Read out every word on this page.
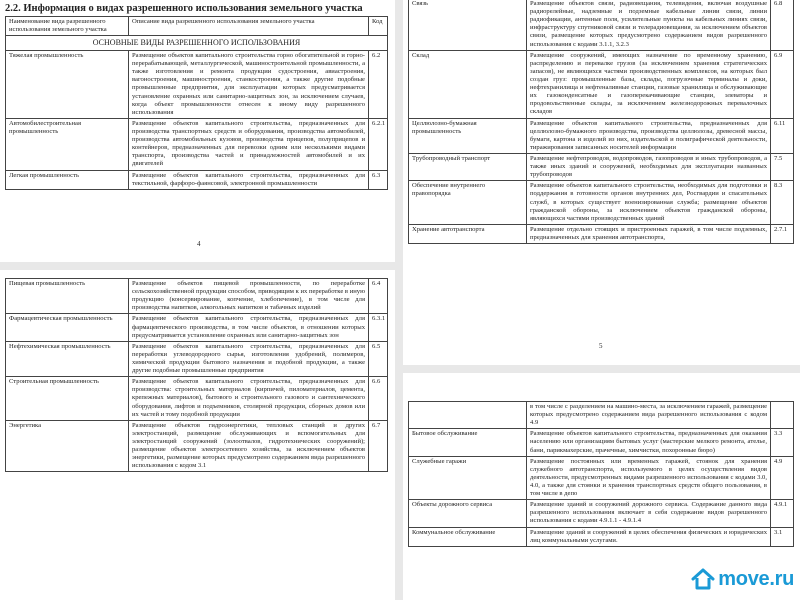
2.2. Информация о видах разрешенного использования земельного участка
Наименование вида разрешенного использования земельного участка	Описание вида разрешенного использования земельного участка	Код
ОСНОВНЫЕ ВИДЫ РАЗРЕШЕННОГО ИСПОЛЬЗОВАНИЯ		
Тяжелая промышленность	Размещение объектов капитального строительства горно обогатительной и горно-перерабатывающей, металлургической, машиностроительной промышленности, а также изготовления и ремонта продукции судостроения, авиастроения, вагоностроения, машиностроения, станкостроения, а также другие подобные промышленные предприятия, для эксплуатации которых предусматривается установление охранных или санитарно-защитных зон, за исключением случаев, когда объект промышленности отнесен к иному виду разрешенного использования	6.2
Автомобилестроительная промышленность	Размещение объектов капитального строительства, предназначенных для производства транспортных средств и оборудования, производства автомобилей, производства автомобильных кузовов, производства прицепов, полуприцепов и контейнеров, предназначенных для перевозки одним или несколькими видами транспорта, производства частей и принадлежностей автомобилей и их двигателей	6.2.1
Легкая промышленность	Размещение объектов капитального строительства, предназначенных для текстильной, фарфоро-фаянсовой, электронной промышленности	6.3
4
Пищевая промышленность	Размещение объектов пищевой промышленности, по переработке сельскохозяйственной продукции способом, приводящим к их переработке в иную продукцию (консервирование, копчение, хлебопечение), в том числе для производства напитков, алкогольных напитков и табачных изделий	6.4
Фармацевтическая промышленность	Размещение объектов капитального строительства, предназначенных для фармацевтического производства, в том числе объектов, в отношении которых предусматривается установление охранных или санитарно-защитных зон	6.3.1
Нефтехимическая промышленность	Размещение объектов капитального строительства, предназначенных для переработки углеводородного сырья, изготовления удобрений, полимеров, химической продукции бытового назначения и подобной продукции, а также другие подобные промышленные предприятия	6.5
Строительная промышленность	Размещение объектов капитального строительства, предназначенных для производства: строительных материалов (кирпичей, пиломатериалов, цемента, крепежных материалов), бытового и строительного газового и сантехнического оборудования, лифтов и подъемников, столярной продукции, сборных домов или их частей и тому подобной продукции	6.6
Энергетика	Размещение объектов гидроэнергетики, тепловых станций и других электростанций, размещение обслуживающих и вспомогательных для электростанций сооружений (золоотвалов, гидротехнических сооружений); размещение объектов электросетевого хозяйства, за исключением объектов энергетики, размещение которых предусмотрено содержанием вида разрешенного использования с кодом 3.1	6.7
Связь	Размещение объектов связи, радиовещания, телевидения, включая воздушные радиорелейные, надземные и подземные кабельные линии связи, линии радиофикации, антенные поля, усилительные пункты на кабельных линиях связи, инфраструктуру спутниковой связи и телерадиовещания, за исключением объектов связи, размещение которых предусмотрено содержанием видов разрешенного использования с кодами 3.1.1, 3.2.3	6.8
Склад	Размещение сооружений, имеющих назначение по временному хранению, распределению и перевалке грузов (за исключением хранения стратегических запасов), не являющихся частями производственных комплексов, на которых был создан груз: промышленные базы, склады, погрузочные терминалы и доки, нефтехранилища и нефтеналивные станции, газовые хранилища и обслуживающие их газоконденсатные и газоперекачивающие станции, элеваторы и продовольственные склады, за исключением железнодорожных перевалочных складов	6.9
Целлюлозно-бумажная промышленность	Размещение объектов капитального строительства, предназначенных для целлюлозно-бумажного производства, производства целлюлозы, древесной массы, бумаги, картона и изделий из них, издательской и полиграфической деятельности, тиражирования записанных носителей информации	6.11
Трубопроводный транспорт	Размещение нефтепроводов, водопроводов, газопроводов и иных трубопроводов, а также иных зданий и сооружений, необходимых для эксплуатации названных трубопроводов	7.5
Обеспечение внутреннего правопорядка	Размещение объектов капитального строительства, необходимых для подготовки и поддержания в готовности органов внутренних дел, Росгвардии и спасательных служб, в которых существует военизированная служба; размещение объектов гражданской обороны, за исключением объектов гражданской обороны, являющихся частями производственных зданий	8.3
Хранение автотранспорта	Размещение отдельно стоящих и пристроенных гаражей, в том числе подземных, предназначенных для хранения автотранспорта,	2.7.1
5
	в том числе с разделением на машино-места, за исключением гаражей, размещение которых предусмотрено содержанием вида разрешенного использования с кодом 4.9	
Бытовое обслуживание	Размещение объектов капитального строительства, предназначенных для оказания населению или организациям бытовых услуг (мастерские мелкого ремонта, ателье, бани, парикмахерские, прачечные, химчистки, похоронные бюро)	3.3
Служебные гаражи	Размещение постоянных или временных гаражей, стоянок для хранения служебного автотранспорта, используемого в целях осуществления видов деятельности, предусмотренных видами разрешенного использования с кодами 3.0, 4.0, а также для стоянки и хранения транспортных средств общего пользования, в том числе в депо	4.9
Объекты дорожного сервиса	Размещение зданий и сооружений дорожного сервиса. Содержание данного вида разрешенного использования включает в себя содержание видов разрешенного использования с кодами 4.9.1.1 - 4.9.1.4	4.9.1
Коммунальное обслуживание	Размещение зданий и сооружений в целях обеспечения физических и юридических лиц коммунальными услугами.	3.1
move.ru
